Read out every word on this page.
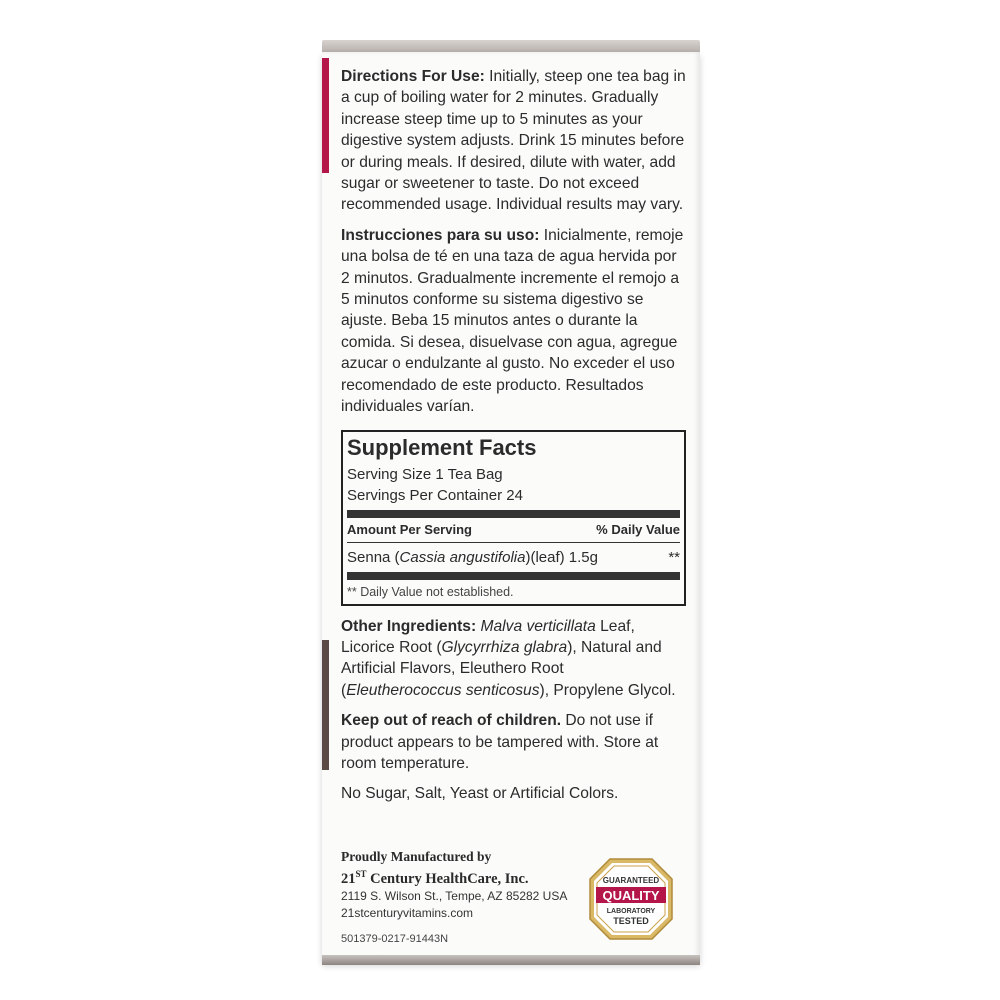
Directions For Use: Initially, steep one tea bag in a cup of boiling water for 2 minutes. Gradually increase steep time up to 5 minutes as your digestive system adjusts. Drink 15 minutes before or during meals. If desired, dilute with water, add sugar or sweetener to taste. Do not exceed recommended usage. Individual results may vary.

Instrucciones para su uso: Inicialmente, remoje una bolsa de té en una taza de agua hervida por 2 minutos. Gradualmente incremente el remojo a 5 minutos conforme su sistema digestivo se ajuste. Beba 15 minutos antes o durante la comida. Si desea, disuelvase con agua, agregue azucar o endulzante al gusto. No exceder el uso recomendado de este producto. Resultados individuales varían.

Supplement Facts
Serving Size 1 Tea Bag
Servings Per Container 24
Amount Per Serving	% Daily Value
Senna (Cassia angustifolia)(leaf) 1.5g	**
** Daily Value not established.

Other Ingredients: Malva verticillata Leaf, Licorice Root (Glycyrrhiza glabra), Natural and Artificial Flavors, Eleuthero Root (Eleutherococcus senticosus), Propylene Glycol.

Keep out of reach of children. Do not use if product appears to be tampered with. Store at room temperature.

No Sugar, Salt, Yeast or Artificial Colors.

Proudly Manufactured by
21ST Century HealthCare, Inc.
2119 S. Wilson St., Tempe, AZ 85282 USA
21stcenturyvitamins.com
501379-0217-91443N
GUARANTEED
QUALITY
LABORATORY
TESTED
